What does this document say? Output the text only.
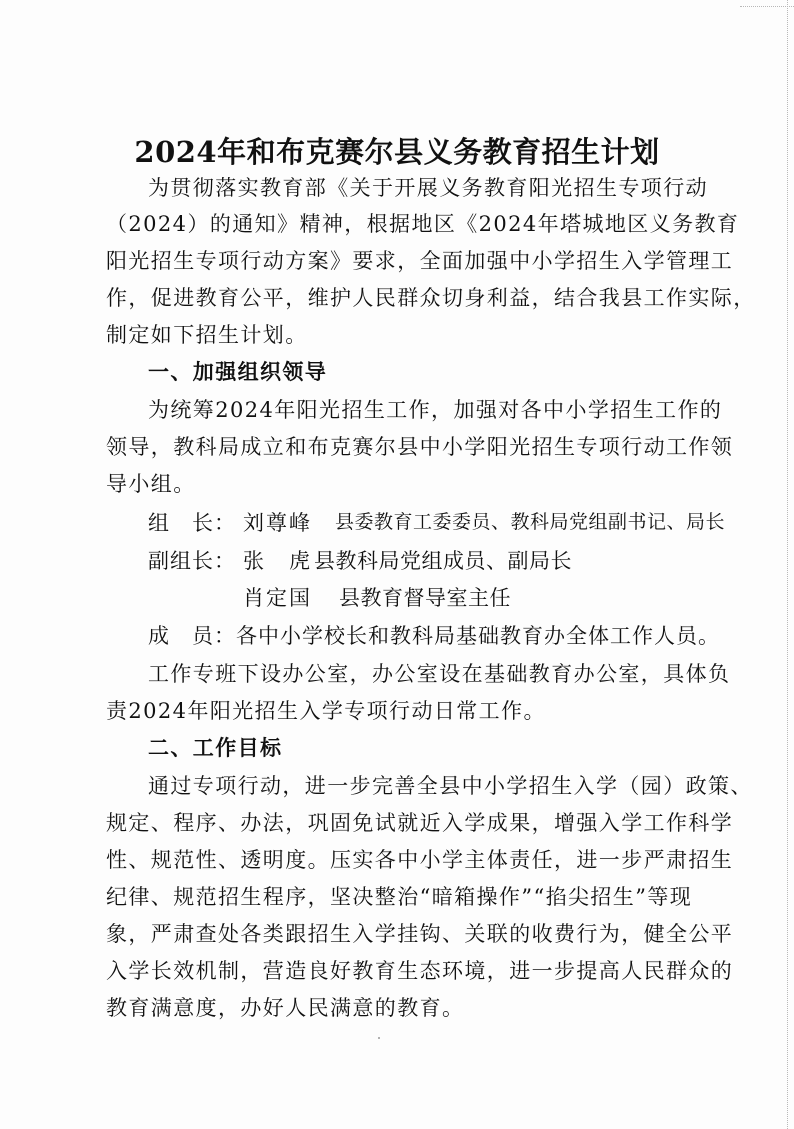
2024年和布克赛尔县义务教育招生计划
为贯彻落实教育部《关于开展义务教育阳光招生专项行动
（2024）的通知》精神，根据地区《2024年塔城地区义务教育
阳光招生专项行动方案》要求，全面加强中小学招生入学管理工
作，促进教育公平，维护人民群众切身利益，结合我县工作实际，
制定如下招生计划。
一、加强组织领导
为统筹2024年阳光招生工作，加强对各中小学招生工作的
领导，教科局成立和布克赛尔县中小学阳光招生专项行动工作领
导小组。
组　长： 刘尊峰 县委教育工委委员、教科局党组副书记、局长
副组长： 张　虎 县教科局党组成员、副局长
肖定国 县教育督导室主任
成　员：各中小学校长和教科局基础教育办全体工作人员。
工作专班下设办公室，办公室设在基础教育办公室，具体负
责2024年阳光招生入学专项行动日常工作。
二、工作目标
通过专项行动，进一步完善全县中小学招生入学（园）政策、
规定、程序、办法，巩固免试就近入学成果，增强入学工作科学
性、规范性、透明度。压实各中小学主体责任，进一步严肃招生
纪律、规范招生程序，坚决整治“暗箱操作”“掐尖招生”等现
象，严肃查处各类跟招生入学挂钩、关联的收费行为，健全公平
入学长效机制，营造良好教育生态环境，进一步提高人民群众的
教育满意度，办好人民满意的教育。
